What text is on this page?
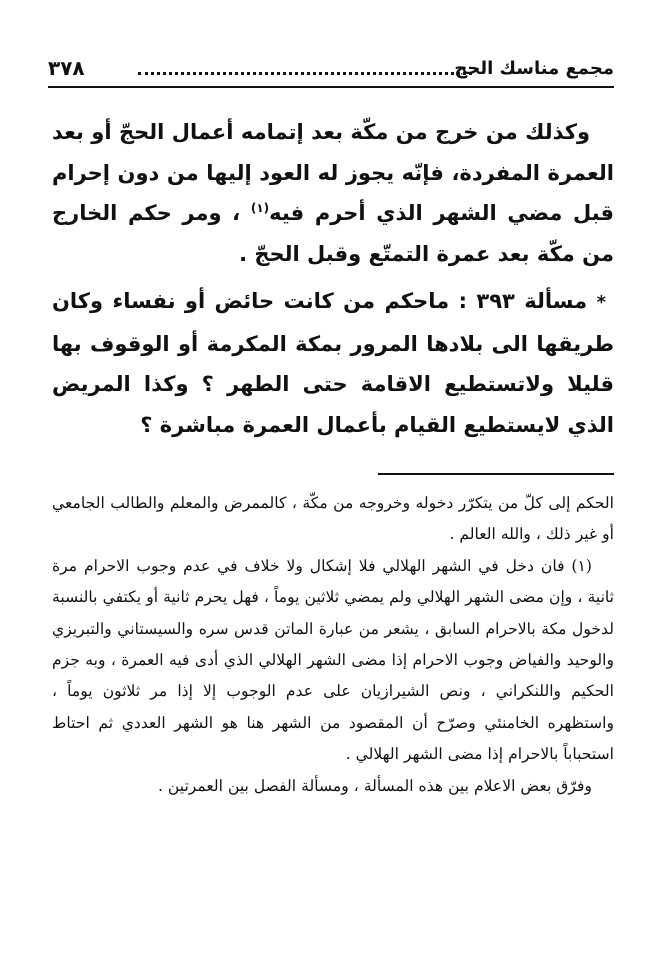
مجمع مناسك الحج
٣٧٨

وكذلك من خرج من مكّة بعد إتمامه أعمال الحجّ أو بعد العمرة المفردة، فإنّه يجوز له العود إليها من دون إحرام قبل مضي الشهر الذي أحرم فيه$^{(١)}$ ، ومر حكم الخارج من مكّة بعد عمرة التمتّع وقبل الحجّ .

* مسألة ٣٩٣ : ماحكم من كانت حائض أو نفساء وكان طريقها الى بلادها المرور بمكة المكرمة أو الوقوف بها قليلا ولاتستطيع الاقامة حتى الطهر ؟ وكذا المريض الذي لايستطيع القيام بأعمال العمرة مباشرة ؟

الحكم إلى كلّ من يتكرّر دخوله وخروجه من مكّة ، كالممرض والمعلم والطالب الجامعي أو غير ذلك ، والله العالم .

(١) فان دخل في الشهر الهلالي فلا إشكال ولا خلاف في عدم وجوب الاحرام مرة ثانية ، وإن مضى الشهر الهلالي ولم يمضي ثلاثين يوماً ، فهل يحرم ثانية أو يكتفي بالنسبة لدخول مكة بالاحرام السابق ، يشعر من عبارة الماتن قدس سره والسيستاني والتبريزي والوحيد والفياض وجوب الاحرام إذا مضى الشهر الهلالي الذي أدى فيه العمرة ، وبه جزم الحكيم واللنكراني ، ونص الشيرازيان على عدم الوجوب إلا إذا مر ثلاثون يوماً ، واستظهره الخامنئي وصرّح أن المقصود من الشهر هنا هو الشهر العددي ثم احتاط استحباباً بالاحرام إذا مضى الشهر الهلالي .

وفرّق بعض الاعلام بين هذه المسألة ، ومسألة الفصل بين العمرتين .
